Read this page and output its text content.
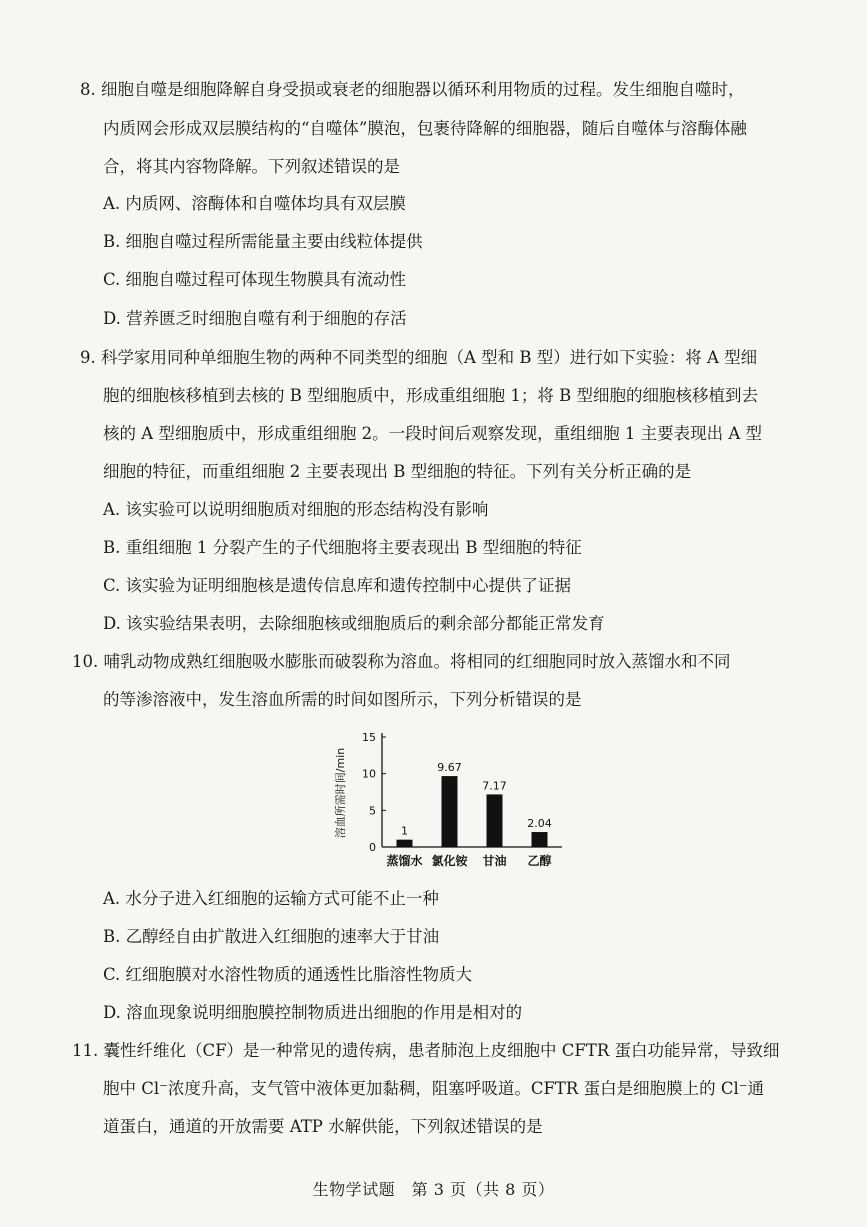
8. 细胞自噬是细胞降解自身受损或衰老的细胞器以循环利用物质的过程。发生细胞自噬时，
内质网会形成双层膜结构的“自噬体”膜泡，包裹待降解的细胞器，随后自噬体与溶酶体融
合，将其内容物降解。下列叙述错误的是
A. 内质网、溶酶体和自噬体均具有双层膜
B. 细胞自噬过程所需能量主要由线粒体提供
C. 细胞自噬过程可体现生物膜具有流动性
D. 营养匮乏时细胞自噬有利于细胞的存活
9. 科学家用同种单细胞生物的两种不同类型的细胞（A 型和 B 型）进行如下实验：将 A 型细
胞的细胞核移植到去核的 B 型细胞质中，形成重组细胞 1；将 B 型细胞的细胞核移植到去
核的 A 型细胞质中，形成重组细胞 2。一段时间后观察发现，重组细胞 1 主要表现出 A 型
细胞的特征，而重组细胞 2 主要表现出 B 型细胞的特征。下列有关分析正确的是
A. 该实验可以说明细胞质对细胞的形态结构没有影响
B. 重组细胞 1 分裂产生的子代细胞将主要表现出 B 型细胞的特征
C. 该实验为证明细胞核是遗传信息库和遗传控制中心提供了证据
D. 该实验结果表明，去除细胞核或细胞质后的剩余部分都能正常发育
10. 哺乳动物成熟红细胞吸水膨胀而破裂称为溶血。将相同的红细胞同时放入蒸馏水和不同
的等渗溶液中，发生溶血所需的时间如图所示，下列分析错误的是
溶血所需时间/min
0
5
10
15
1
9.67
7.17
2.04
蒸馏水 氯化铵 甘油 乙醇
A. 水分子进入红细胞的运输方式可能不止一种
B. 乙醇经自由扩散进入红细胞的速率大于甘油
C. 红细胞膜对水溶性物质的通透性比脂溶性物质大
D. 溶血现象说明细胞膜控制物质进出细胞的作用是相对的
11. 囊性纤维化（CF）是一种常见的遗传病，患者肺泡上皮细胞中 CFTR 蛋白功能异常，导致细
胞中 Cl⁻浓度升高，支气管中液体更加黏稠，阻塞呼吸道。CFTR 蛋白是细胞膜上的 Cl⁻通
道蛋白，通道的开放需要 ATP 水解供能，下列叙述错误的是
生物学试题　第 3 页（共 8 页）
